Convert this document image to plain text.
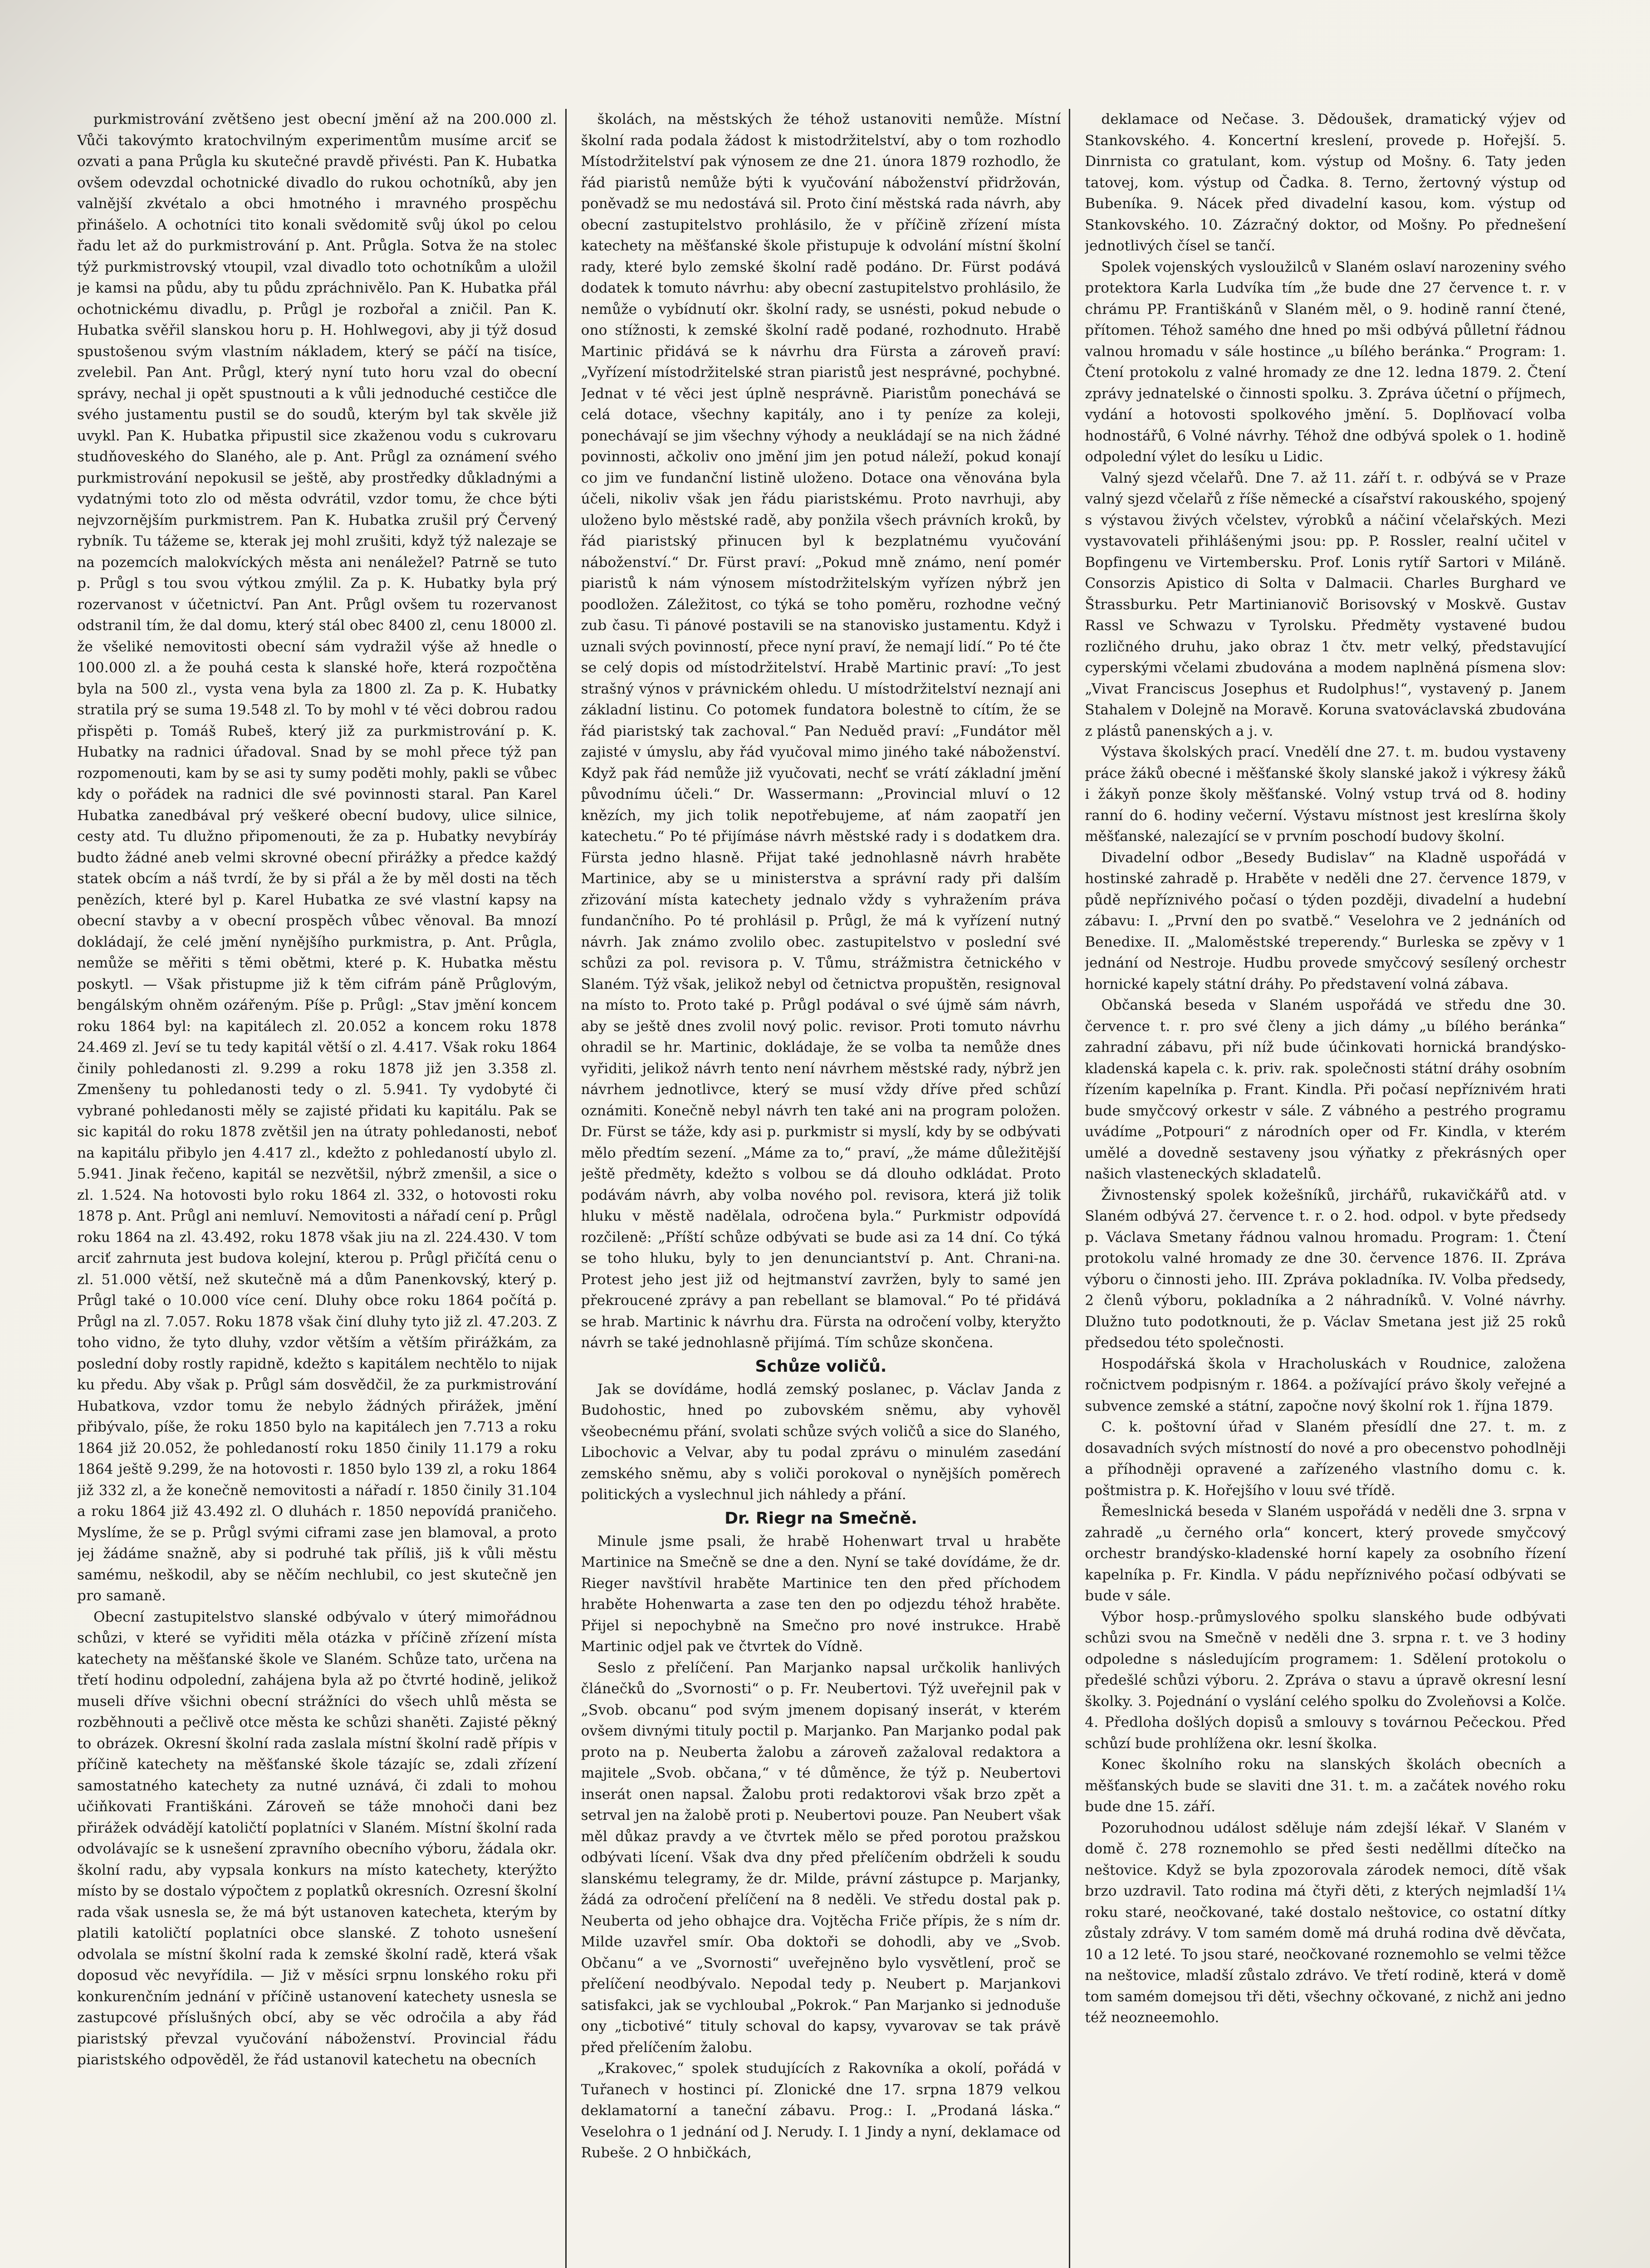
purkmistrování zvětšeno jest obecní jmění až na 200.000 zl. Vůči takovýmto kratochvilným experimentům musíme arciť se ozvati a pana Průgla ku skutečné pravdě přivésti. Pan K. Hubatka ovšem odevzdal ochotnické divadlo do rukou ochotníků, aby jen valnější zkvétalo a obci hmotného i mravného prospěchu přinášelo. A ochotníci tito konali svědomitě svůj úkol po celou řadu let až do purkmistrování p. Ant. Průgla. Sotva že na stolec týž purkmistrovský vtoupil, vzal divadlo toto ochotníkům a uložil je kamsi na půdu, aby tu půdu zpráchnivělo. Pan K. Hubatka přál ochotnickému divadlu, p. Průgl je rozbořal a zničil. Pan K. Hubatka svěřil slanskou horu p. H. Hohlwegovi, aby ji týž dosud spustošenou svým vlastním nákladem, který se páčí na tisíce, zvelebil. Pan Ant. Průgl, který nyní tuto horu vzal do obecní správy, nechal ji opět spustnouti a k vůli jednoduché cestičce dle svého justamentu pustil se do soudů, kterým byl tak skvěle již uvykl. Pan K. Hubatka připustil sice zkaženou vodu s cukrovaru studňoveského do Slaného, ale p. Ant. Průgl za oznámení svého purkmistrování nepokusil se ještě, aby prostředky důkladnými a vydatnými toto zlo od města odvrátil, vzdor tomu, že chce býti nejvzornějším purkmistrem. Pan K. Hubatka zrušil prý Červený rybník. Tu tážeme se, kterak jej mohl zrušiti, když týž nalezaje se na pozemcích malokvíckých města ani nenáležel? Patrně se tuto p. Průgl s tou svou výtkou zmýlil. Za p. K. Hubatky byla prý rozervanost v účetnictví. Pan Ant. Průgl ovšem tu rozervanost odstranil tím, že dal domu, který stál obec 8400 zl, cenu 18000 zl. že všeliké nemovitosti obecní sám vydražil výše až hnedle o 100.000 zl. a že pouhá cesta k slanské hoře, která rozpočtěna byla na 500 zl., vysta vena byla za 1800 zl. Za p. K. Hubatky stratila prý se suma 19.548 zl. To by mohl v té věci dobrou radou přispěti p. Tomáš Rubeš, který již za purkmistrování p. K. Hubatky na radnici úřadoval. Snad by se mohl přece týž pan rozpomenouti, kam by se asi ty sumy poděti mohly, pakli se vůbec kdy o pořádek na radnici dle své povinnosti staral. Pan Karel Hubatka zanedbával prý veškeré obecní budovy, ulice silnice, cesty atd. Tu dlužno připomenouti, že za p. Hubatky nevybíráy budto žádné aneb velmi skrovné obecní přirážky a předce každý statek obcím a náš tvrdí, že by si přál a že by měl dosti na těch penězích, které byl p. Karel Hubatka ze své vlastní kapsy na obecní stavby a v obecní prospěch vůbec věnoval. Ba mnozí dokládají, že celé jmění nynějšího purkmistra, p. Ant. Průgla, nemůže se měřiti s těmi obětmi, které p. K. Hubatka městu poskytl. — Však přistupme již k těm cifrám páně Průglovým, bengálským ohněm ozářeným. Píše p. Průgl: „Stav jmění koncem roku 1864 byl: na kapitálech zl. 20.052 a koncem roku 1878 24.469 zl. Jeví se tu tedy kapitál větší o zl. 4.417. Však roku 1864 činily pohledanosti zl. 9.299 a roku 1878 již jen 3.358 zl. Zmenšeny tu pohledanosti tedy o zl. 5.941. Ty vydobyté či vybrané pohledanosti měly se zajisté přidati ku kapitálu. Pak se sic kapitál do roku 1878 zvětšil jen na útraty pohledanosti, neboť na kapitálu přibylo jen 4.417 zl., kdežto z pohledaností ubylo zl. 5.941. Jinak řečeno, kapitál se nezvětšil, nýbrž zmenšil, a sice o zl. 1.524. Na hotovosti bylo roku 1864 zl. 332, o hotovosti roku 1878 p. Ant. Průgl ani nemluví. Nemovitosti a nářadí cení p. Průgl roku 1864 na zl. 43.492, roku 1878 však jiu na zl. 224.430. V tom arciť zahrnuta jest budova kolejní, kterou p. Průgl přičítá cenu o zl. 51.000 větší, než skutečně má a dům Panenkovský, který p. Průgl také o 10.000 více cení. Dluhy obce roku 1864 počítá p. Průgl na zl. 7.057. Roku 1878 však činí dluhy tyto již zl. 47.203. Z toho vidno, že tyto dluhy, vzdor větším a větším přirážkám, za poslední doby rostly rapidně, kdežto s kapitálem nechtělo to nijak ku předu. Aby však p. Průgl sám dosvědčil, že za purkmistrování Hubatkova, vzdor tomu že nebylo žádných přirážek, jmění přibývalo, píše, že roku 1850 bylo na kapitálech jen 7.713 a roku 1864 již 20.052, že pohledaností roku 1850 činily 11.179 a roku 1864 ještě 9.299, že na hotovosti r. 1850 bylo 139 zl, a roku 1864 již 332 zl, a že konečně nemovitosti a nářadí r. 1850 činily 31.104 a roku 1864 již 43.492 zl. O dluhách r. 1850 nepovídá praničeho. Myslíme, že se p. Průgl svými ciframi zase jen blamoval, a proto jej žádáme snažně, aby si podruhé tak příliš, jiš k vůli městu samému, neškodil, aby se něčím nechlubil, co jest skutečně jen pro samaně.

Obecní zastupitelstvo slanské odbývalo v úterý mimořádnou schůzi, v které se vyřiditi měla otázka v příčině zřízení místa katechety na měšťanské škole ve Slaném. Schůze tato, určena na třetí hodinu odpolední, zahájena byla až po čtvrté hodině, jelikož museli dříve všichni obecní strážníci do všech uhlů města se rozběhnouti a pečlivě otce města ke schůzi shaněti. Zajisté pěkný to obrázek. Okresní školní rada zaslala místní školní radě přípis v příčině katechety na měšťanské škole tázajíc se, zdali zřízení samostatného katechety za nutné uznává, či zdali to mohou učiňkovati Františkáni. Zároveň se táže mnohoči dani bez přirážek odvádějí katoličtí poplatníci v Slaném. Místní školní rada odvolávajíc se k usnešení zpravního obecního výboru, žádala okr. školní radu, aby vypsala konkurs na místo katechety, kterýžto místo by se dostalo výpočtem z poplatků okresních. Ozresní školní rada však usnesla se, že má být ustanoven katecheta, kterým by platili katoličtí poplatníci obce slanské. Z tohoto usnešení odvolala se místní školní rada k zemské školní radě, která však doposud věc nevyřídila. — Již v měsíci srpnu lonského roku při konkurenčním jednání v příčině ustanovení katechety usnesla se zastupcové příslušných obcí, aby se věc odročila a aby řád piaristský převzal vyučování náboženství. Provincial řádu piaristského odpověděl, že řád ustanovil katechetu na obecních

školách, na městských že téhož ustanoviti nemůže. Místní školní rada podala žádost k mistodržitelství, aby o tom rozhodlo Místodržitelství pak výnosem ze dne 21. února 1879 rozhodlo, že řád piaristů nemůže býti k vyučování náboženství přidržován, poněvadž se mu nedostává sil. Proto činí městská rada návrh, aby obecní zastupitelstvo prohlásilo, že v příčině zřízení místa katechety na měšťanské škole přistupuje k odvolání místní školní rady, které bylo zemské školní radě podáno. Dr. Fürst podává dodatek k tomuto návrhu: aby obecní zastupitelstvo prohlásilo, že nemůže o vybídnutí okr. školní rady, se usnésti, pokud nebude o ono stížnosti, k zemské školní radě podané, rozhodnuto. Hrabě Martinic přidává se k návrhu dra Fürsta a zároveň praví: „Vyřízení místodržitelské stran piaristů jest nesprávné, pochybné. Jednat v té věci jest úplně nesprávně. Piaristům ponechává se celá dotace, všechny kapitály, ano i ty peníze za koleji, ponechávají se jim všechny výhody a neukládají se na nich žádné povinnosti, ačkoliv ono jmění jim jen potud náleží, pokud konají co jim ve fundanční listině uloženo. Dotace ona věnována byla účeli, nikoliv však jen řádu piaristskému. Proto navrhuji, aby uloženo bylo městské radě, aby ponžila všech právních kroků, by řád piaristský přinucen byl k bezplatnému vyučování náboženství.“ Dr. Fürst praví: „Pokud mně známo, není pomér piaristů k nám výnosem místodržitelským vyřízen nýbrž jen poodložen. Záležitost, co týká se toho poměru, rozhodne večný zub času. Ti pánové postavili se na stanovisko justamentu. Když i uznali svých povinností, přece nyní praví, že nemají lidí.“ Po té čte se celý dopis od místodržitelství. Hrabě Martinic praví: „To jest strašný výnos v právnickém ohledu. U místodržitelství neznají ani základní listinu. Co potomek fundatora bolestně to cítím, že se řád piaristský tak zachoval.“ Pan Neduěd praví: „Fundátor měl zajisté v úmyslu, aby řád vyučoval mimo jiného také náboženství. Když pak řád nemůže již vyučovati, nechť se vrátí základní jmění původnímu účeli.“ Dr. Wassermann: „Provincial mluví o 12 knězích, my jich tolik nepotřebujeme, ať nám zaopatří jen katechetu.“ Po té přijímáse návrh městské rady i s dodatkem dra. Fürsta jedno hlasně. Přijat také jednohlasně návrh hraběte Martinice, aby se u ministerstva a správní rady při dalším zřizování místa katechety jednalo vždy s vyhražením práva fundančního. Po té prohlásil p. Průgl, že má k vyřízení nutný návrh. Jak známo zvolilo obec. zastupitelstvo v poslední své schůzi za pol. revisora p. V. Tůmu, strážmistra četnického v Slaném. Týž však, jelikož nebyl od četnictva propuštěn, resignoval na místo to. Proto také p. Průgl podával o své újmě sám návrh, aby se ještě dnes zvolil nový polic. revisor. Proti tomuto návrhu ohradil se hr. Martinic, dokládaje, že se volba ta nemůže dnes vyřiditi, jelikož návrh tento není návrhem městské rady, nýbrž jen návrhem jednotlivce, který se musí vždy dříve před schůzí oznámiti. Konečně nebyl návrh ten také ani na program položen. Dr. Fürst se táže, kdy asi p. purkmistr si myslí, kdy by se odbývati mělo předtím sezení. „Máme za to,“ praví, „že máme důležitější ještě předměty, kdežto s volbou se dá dlouho odkládat. Proto podávám návrh, aby volba nového pol. revisora, která již tolik hluku v městě nadělala, odročena byla.“ Purkmistr odpovídá rozčileně: „Příští schůze odbývati se bude asi za 14 dní. Co týká se toho hluku, byly to jen denunciantství p. Ant. Chrani-na. Protest jeho jest již od hejtmanství zavržen, byly to samé jen překroucené zprávy a pan rebellant se blamoval.“ Po té přidává se hrab. Martinic k návrhu dra. Fürsta na odročení volby, kteryžto návrh se také jednohlasně přijímá. Tím schůze skončena.

Schůze voličů.

Jak se dovídáme, hodlá zemský poslanec, p. Václav Janda z Budohostic, hned po zubovském sněmu, aby vyhověl všeobecnému přání, svolati schůze svých voličů a sice do Slaného, Libochovic a Velvar, aby tu podal zprávu o minulém zasedání zemského sněmu, aby s voliči porokoval o nynějších poměrech politických a vyslechnul jich náhledy a přání.

Dr. Riegr na Smečně.

Minule jsme psali, že hrabě Hohenwart trval u hraběte Martinice na Smečně se dne a den. Nyní se také dovídáme, že dr. Rieger navštívil hraběte Martinice ten den před příchodem hraběte Hohenwarta a zase ten den po odjezdu téhož hraběte. Přijel si nepochybně na Smečno pro nové instrukce. Hrabě Martinic odjel pak ve čtvrtek do Vídně.

Seslo z přelíčení. Pan Marjanko napsal určkolik hanlivých článečků do „Svornosti“ o p. Fr. Neubertovi. Týž uveřejnil pak v „Svob. obcanu“ pod svým jmenem dopisaný inserát, v kterém ovšem divnými tituly poctil p. Marjanko. Pan Marjanko podal pak proto na p. Neuberta žalobu a zároveň zažaloval redaktora a majitele „Svob. občana,“ v té důměnce, že týž p. Neubertovi inserát onen napsal. Žalobu proti redaktorovi však brzo zpět a setrval jen na žalobě proti p. Neubertovi pouze. Pan Neubert však měl důkaz pravdy a ve čtvrtek mělo se před porotou pražskou odbývati lícení. Však dva dny před přelíčením obdrželi k soudu slanskému telegramy, že dr. Milde, právní zástupce p. Marjanky, žádá za odročení přelíčení na 8 neděli. Ve středu dostal pak p. Neuberta od jeho obhajce dra. Vojtěcha Friče přípis, že s ním dr. Milde uzavřel smír. Oba doktoři se dohodli, aby ve „Svob. Občanu“ a ve „Svornosti“ uveřejněno bylo vysvětlení, proč se přelíčení neodbývalo. Nepodal tedy p. Neubert p. Marjankovi satisfakci, jak se vychloubal „Pokrok.“ Pan Marjanko si jednoduše ony „ticbotivé“ tituly schoval do kapsy, vyvarovav se tak právě před přelíčením žalobu.

„Krakovec,“ spolek studujících z Rakovníka a okolí, pořádá v Tuřanech v hostinci pí. Zlonické dne 17. srpna 1879 velkou deklamatorní a taneční zábavu. Prog.: I. „Prodaná láska.“ Veselohra o 1 jednání od J. Nerudy. I. 1 Jindy a nyní, deklamace od Rubeše. 2 O hnbičkách,

deklamace od Nečase. 3. Dědoušek, dramatický výjev od Stankovského. 4. Koncertní kreslení, provede p. Hořejší. 5. Dinrnista co gratulant, kom. výstup od Mošny. 6. Taty jeden tatovej, kom. výstup od Čadka. 8. Terno, žertovný výstup od Bubeníka. 9. Nácek před divadelní kasou, kom. výstup od Stankovského. 10. Zázračný doktor, od Mošny. Po přednešení jednotlivých čísel se tančí.

Spolek vojenských vysloužilců v Slaném oslaví narozeniny svého protektora Karla Ludvíka tím „že bude dne 27 července t. r. v chrámu PP. Františkánů v Slaném měl, o 9. hodině ranní čtené, přítomen. Téhož samého dne hned po mši odbývá půlletní řádnou valnou hromadu v sále hostince „u bílého beránka.“ Program: 1. Čtení protokolu z valné hromady ze dne 12. ledna 1879. 2. Čtení zprávy jednatelské o činnosti spolku. 3. Zpráva účetní o příjmech, vydání a hotovosti spolkového jmění. 5. Doplňovací volba hodnostářů, 6 Volné návrhy. Téhož dne odbývá spolek o 1. hodině odpolední výlet do lesíku u Lidic.

Valný sjezd včelařů. Dne 7. až 11. září t. r. odbývá se v Praze valný sjezd včelařů z říše německé a císařství rakouského, spojený s výstavou živých včelstev, výrobků a náčiní včelařských. Mezi vystavovateli přihlášenými jsou: pp. P. Rossler, realní učitel v Bopfingenu ve Virtembersku. Prof. Lonis rytíř Sartori v Miláně. Consorzis Apistico di Solta v Dalmacii. Charles Burghard ve Štrassburku. Petr Martinianovič Borisovský v Moskvě. Gustav Rassl ve Schwazu v Tyrolsku. Předměty vystavené budou rozličného druhu, jako obraz 1 čtv. metr velký, představující cyperskými včelami zbudována a modem naplněná písmena slov: „Vivat Franciscus Josephus et Rudolphus!“, vystavený p. Janem Stahalem v Dolejně na Moravě. Koruna svatováclavská zbudována z plástů panenských a j. v.

Výstava školských prací. Vnedělí dne 27. t. m. budou vystaveny práce žáků obecné i měšťanské školy slanské jakož i výkresy žáků i žákyň ponze školy měšťanské. Volný vstup trvá od 8. hodiny ranní do 6. hodiny večerní. Výstavu místnost jest kreslírna školy měšťanské, nalezající se v prvním poschodí budovy školní.

Divadelní odbor „Besedy Budislav“ na Kladně uspořádá v hostinské zahradě p. Hraběte v neděli dne 27. července 1879, v půdě nepříznivého počasí o týden později, divadelní a hudební zábavu: I. „První den po svatbě.“ Veselohra ve 2 jednáních od Benedixe. II. „Maloměstské treperendy.“ Burleska se zpěvy v 1 jednání od Nestroje. Hudbu provede smyčcový sesílený orchestr hornické kapely státní dráhy. Po představení volná zábava.

Občanská beseda v Slaném uspořádá ve středu dne 30. července t. r. pro své členy a jich dámy „u bílého beránka“ zahradní zábavu, při níž bude účinkovati hornická brandýsko-kladenská kapela c. k. priv. rak. společnosti státní dráhy osobním řízením kapelníka p. Frant. Kindla. Při počasí nepříznivém hrati bude smyčcový orkestr v sále. Z vábného a pestrého programu uvádíme „Potpouri“ z národních oper od Fr. Kindla, v kterém umělé a dovedně sestaveny jsou výňatky z překrásných oper našich vlasteneckých skladatelů.

Živnostenský spolek kožešníků, jirchářů, rukavičkářů atd. v Slaném odbývá 27. července t. r. o 2. hod. odpol. v byte předsedy p. Václava Smetany řádnou valnou hromadu. Program: 1. Čtení protokolu valné hromady ze dne 30. července 1876. II. Zpráva výboru o činnosti jeho. III. Zpráva pokladníka. IV. Volba předsedy, 2 členů výboru, pokladníka a 2 náhradníků. V. Volné návrhy. Dlužno tuto podotknouti, že p. Václav Smetana jest již 25 roků předsedou této společnosti.

Hospodářská škola v Hracholuskách v Roudnice, založena ročnictvem podpisným r. 1864. a požívající právo školy veřejné a subvence zemské a státní, započne nový školní rok 1. října 1879.

C. k. poštovní úřad v Slaném přesídlí dne 27. t. m. z dosavadních svých místností do nové a pro obecenstvo pohodlněji a příhodněji opravené a zařízeného vlastního domu c. k. poštmistra p. K. Hořejšího v louu své třídě.

Řemeslnická beseda v Slaném uspořádá v neděli dne 3. srpna v zahradě „u černého orla“ koncert, který provede smyčcový orchestr brandýsko-kladenské horní kapely za osobního řízení kapelníka p. Fr. Kindla. V pádu nepříznivého počasí odbývati se bude v sále.

Výbor hosp.-průmyslového spolku slanského bude odbývati schůzi svou na Smečně v neděli dne 3. srpna r. t. ve 3 hodiny odpoledne s následujícím programem: 1. Sdělení protokolu o předešlé schůzi výboru. 2. Zpráva o stavu a úpravě okresní lesní školky. 3. Pojednání o vyslání celého spolku do Zvoleňovsi a Kolče. 4. Předloha došlých dopisů a smlouvy s továrnou Pečeckou. Před schůzí bude prohlížena okr. lesní školka.

Konec školního roku na slanských školách obecních a měšťanských bude se slaviti dne 31. t. m. a začátek nového roku bude dne 15. září.

Pozoruhodnou událost sděluje nám zdejší lékař. V Slaném v domě č. 278 roznemohlo se před šesti neděllmi dítečko na neštovice. Když se byla zpozorovala zárodek nemoci, dítě však brzo uzdravil. Tato rodina má čtyři děti, z kterých nejmladší 1¼ roku staré, neočkované, také dostalo neštovice, co ostatní dítky zůstaly zdrávy. V tom samém domě má druhá rodina dvě děvčata, 10 a 12 leté. To jsou staré, neočkované roznemohlo se velmi těžce na neštovice, mladší zůstalo zdrávo. Ve třetí rodině, která v domě tom samém domejsou tři děti, všechny očkované, z nichž ani jedno též neozneemohlo.
